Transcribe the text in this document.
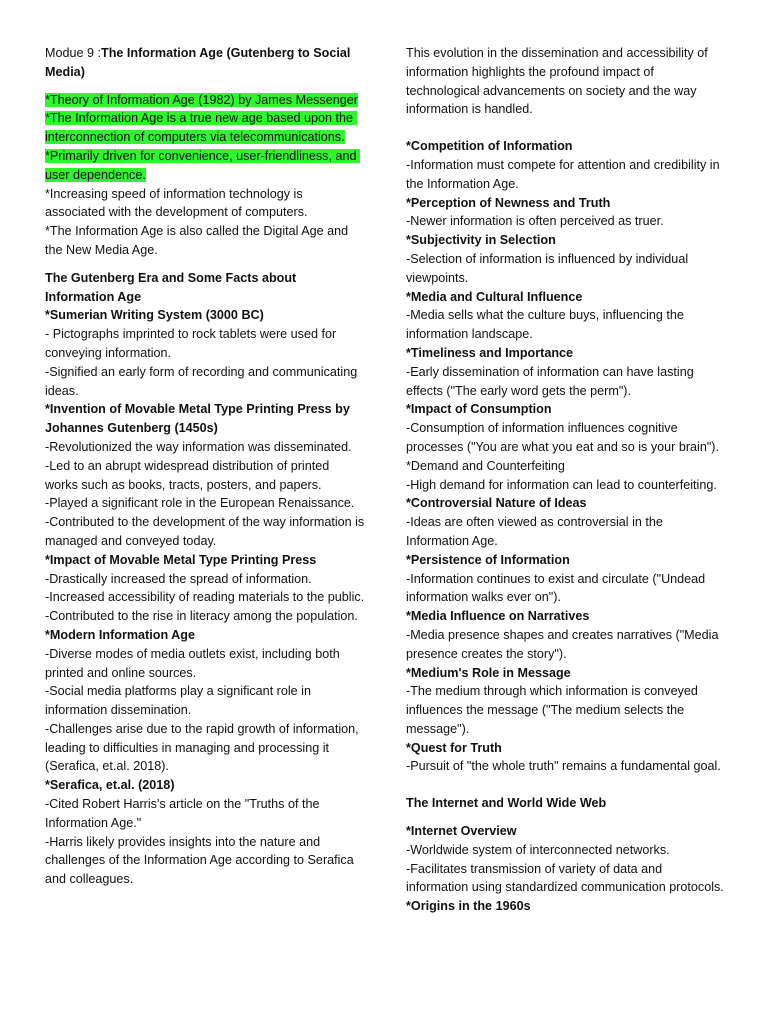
Modue 9 :The Information Age (Gutenberg to Social Media)

*Theory of Information Age (1982) by James Messenger

*The Information Age is a true new age based upon the interconnection of computers via telecommunications.

*Primarily driven for convenience, user-friendliness, and user dependence.

*Increasing speed of information technology is associated with the development of computers.

*The Information Age is also called the Digital Age and the New Media Age.

The Gutenberg Era and Some Facts about Information Age

*Sumerian Writing System (3000 BC)

- Pictographs imprinted to rock tablets were used for conveying information.

-Signified an early form of recording and communicating ideas.

*Invention of Movable Metal Type Printing Press by Johannes Gutenberg (1450s)

-Revolutionized the way information was disseminated.

-Led to an abrupt widespread distribution of printed works such as books, tracts, posters, and papers.

-Played a significant role in the European Renaissance.

-Contributed to the development of the way information is managed and conveyed today.

*Impact of Movable Metal Type Printing Press

-Drastically increased the spread of information.

-Increased accessibility of reading materials to the public.

-Contributed to the rise in literacy among the population.

*Modern Information Age

-Diverse modes of media outlets exist, including both printed and online sources.

-Social media platforms play a significant role in information dissemination.

-Challenges arise due to the rapid growth of information, leading to difficulties in managing and processing it (Serafica, et.al. 2018).

*Serafica, et.al. (2018)

-Cited Robert Harris's article on the "Truths of the Information Age."

-Harris likely provides insights into the nature and challenges of the Information Age according to Serafica and colleagues.

This evolution in the dissemination and accessibility of information highlights the profound impact of technological advancements on society and the way information is handled.

*Competition of Information

-Information must compete for attention and credibility in the Information Age.

*Perception of Newness and Truth

-Newer information is often perceived as truer.

*Subjectivity in Selection

-Selection of information is influenced by individual viewpoints.

*Media and Cultural Influence

-Media sells what the culture buys, influencing the information landscape.

*Timeliness and Importance

-Early dissemination of information can have lasting effects ("The early word gets the perm").

*Impact of Consumption

-Consumption of information influences cognitive processes ("You are what you eat and so is your brain").

*Demand and Counterfeiting

-High demand for information can lead to counterfeiting.

*Controversial Nature of Ideas

-Ideas are often viewed as controversial in the Information Age.

*Persistence of Information

-Information continues to exist and circulate ("Undead information walks ever on").

*Media Influence on Narratives

-Media presence shapes and creates narratives ("Media presence creates the story").

*Medium's Role in Message

-The medium through which information is conveyed influences the message ("The medium selects the message").

*Quest for Truth

-Pursuit of "the whole truth" remains a fundamental goal.

The Internet and World Wide Web

*Internet Overview

-Worldwide system of interconnected networks.

-Facilitates transmission of variety of data and information using standardized communication protocols.

*Origins in the 1960s
